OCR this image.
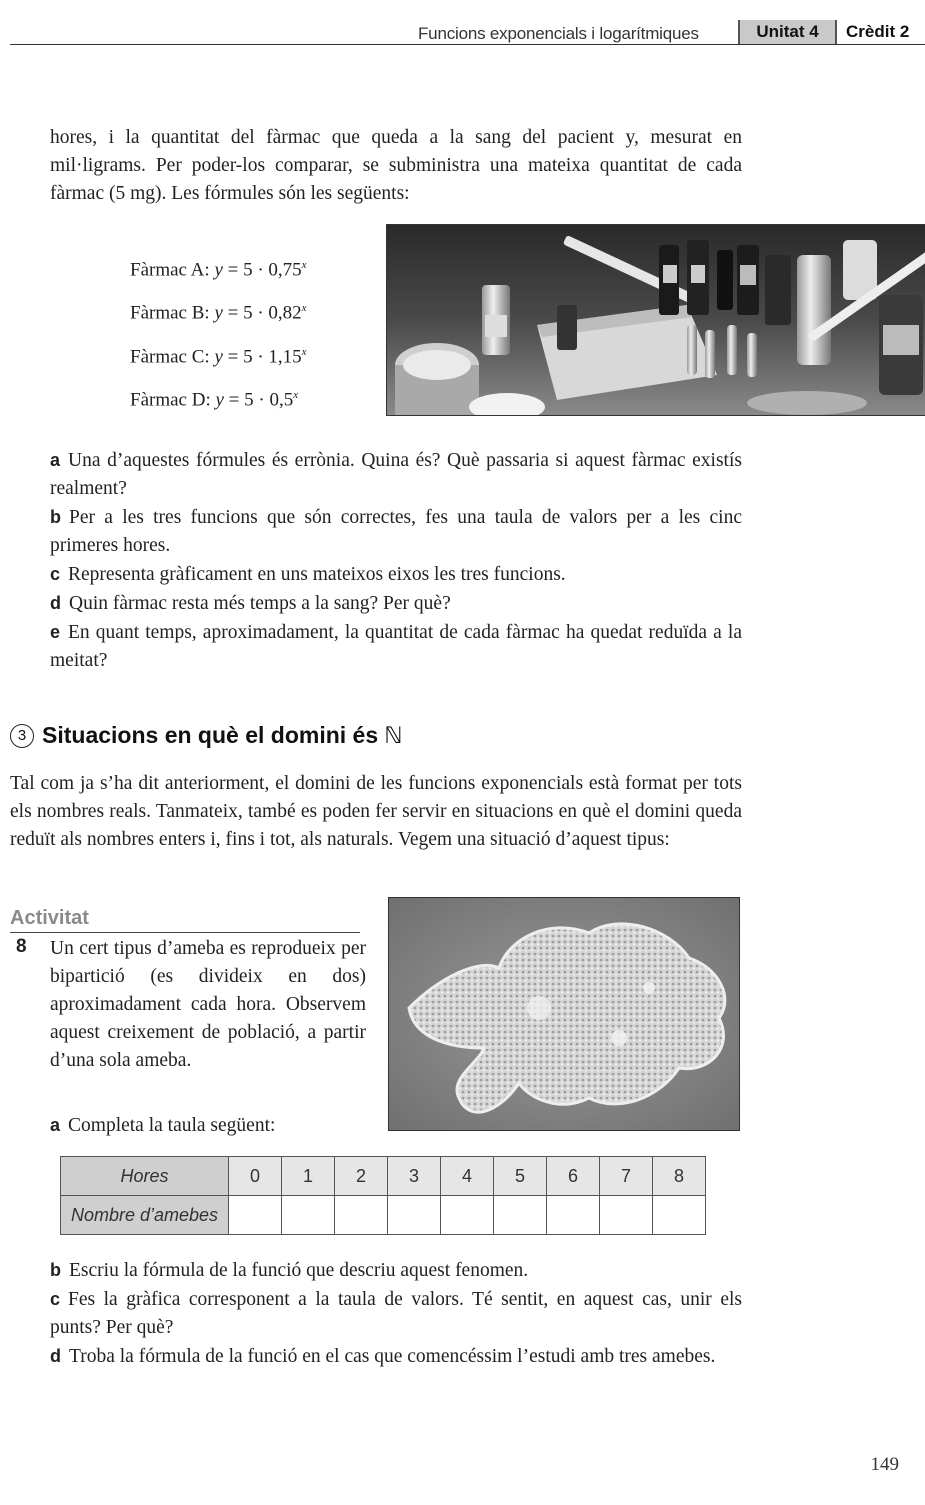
Funcions exponencials i logarítmiques	Unitat 4	Crèdit 2
hores, i la quantitat del fàrmac que queda a la sang del pacient y, mesurat en mil·ligrams. Per poder-los comparar, se subministra una mateixa quantitat de cada fàrmac (5 mg). Les fórmules són les següents:
Fàrmac A: $y = 5 \cdot 0,75^x$
Fàrmac B: $y = 5 \cdot 0,82^x$
Fàrmac C: $y = 5 \cdot 1,15^x$
Fàrmac D: $y = 5 \cdot 0,5^x$
a Una d’aquestes fórmules és errònia. Quina és? Què passaria si aquest fàrmac existís realment?
b Per a les tres funcions que són correctes, fes una taula de valors per a les cinc primeres hores.
c Representa gràficament en uns mateixos eixos les tres funcions.
d Quin fàrmac resta més temps a la sang? Per què?
e En quant temps, aproximadament, la quantitat de cada fàrmac ha quedat reduïda a la meitat?
3 Situacions en què el domini és ℕ
Tal com ja s’ha dit anteriorment, el domini de les funcions exponencials està format per tots els nombres reals. Tanmateix, també es poden fer servir en situacions en què el domini queda reduït als nombres enters i, fins i tot, als naturals. Vegem una situació d’aquest tipus:
Activitat
8 Un cert tipus d’ameba es reprodueix per bipartició (es divideix en dos) aproximadament cada hora. Observem aquest creixement de població, a partir d’una sola ameba.
a Completa la taula següent:
Hores	0	1	2	3	4	5	6	7	8
Nombre d’amebes									
b Escriu la fórmula de la funció que descriu aquest fenomen.
c Fes la gràfica corresponent a la taula de valors. Té sentit, en aquest cas, unir els punts? Per què?
d Troba la fórmula de la funció en el cas que comencéssim l’estudi amb tres amebes.
149
